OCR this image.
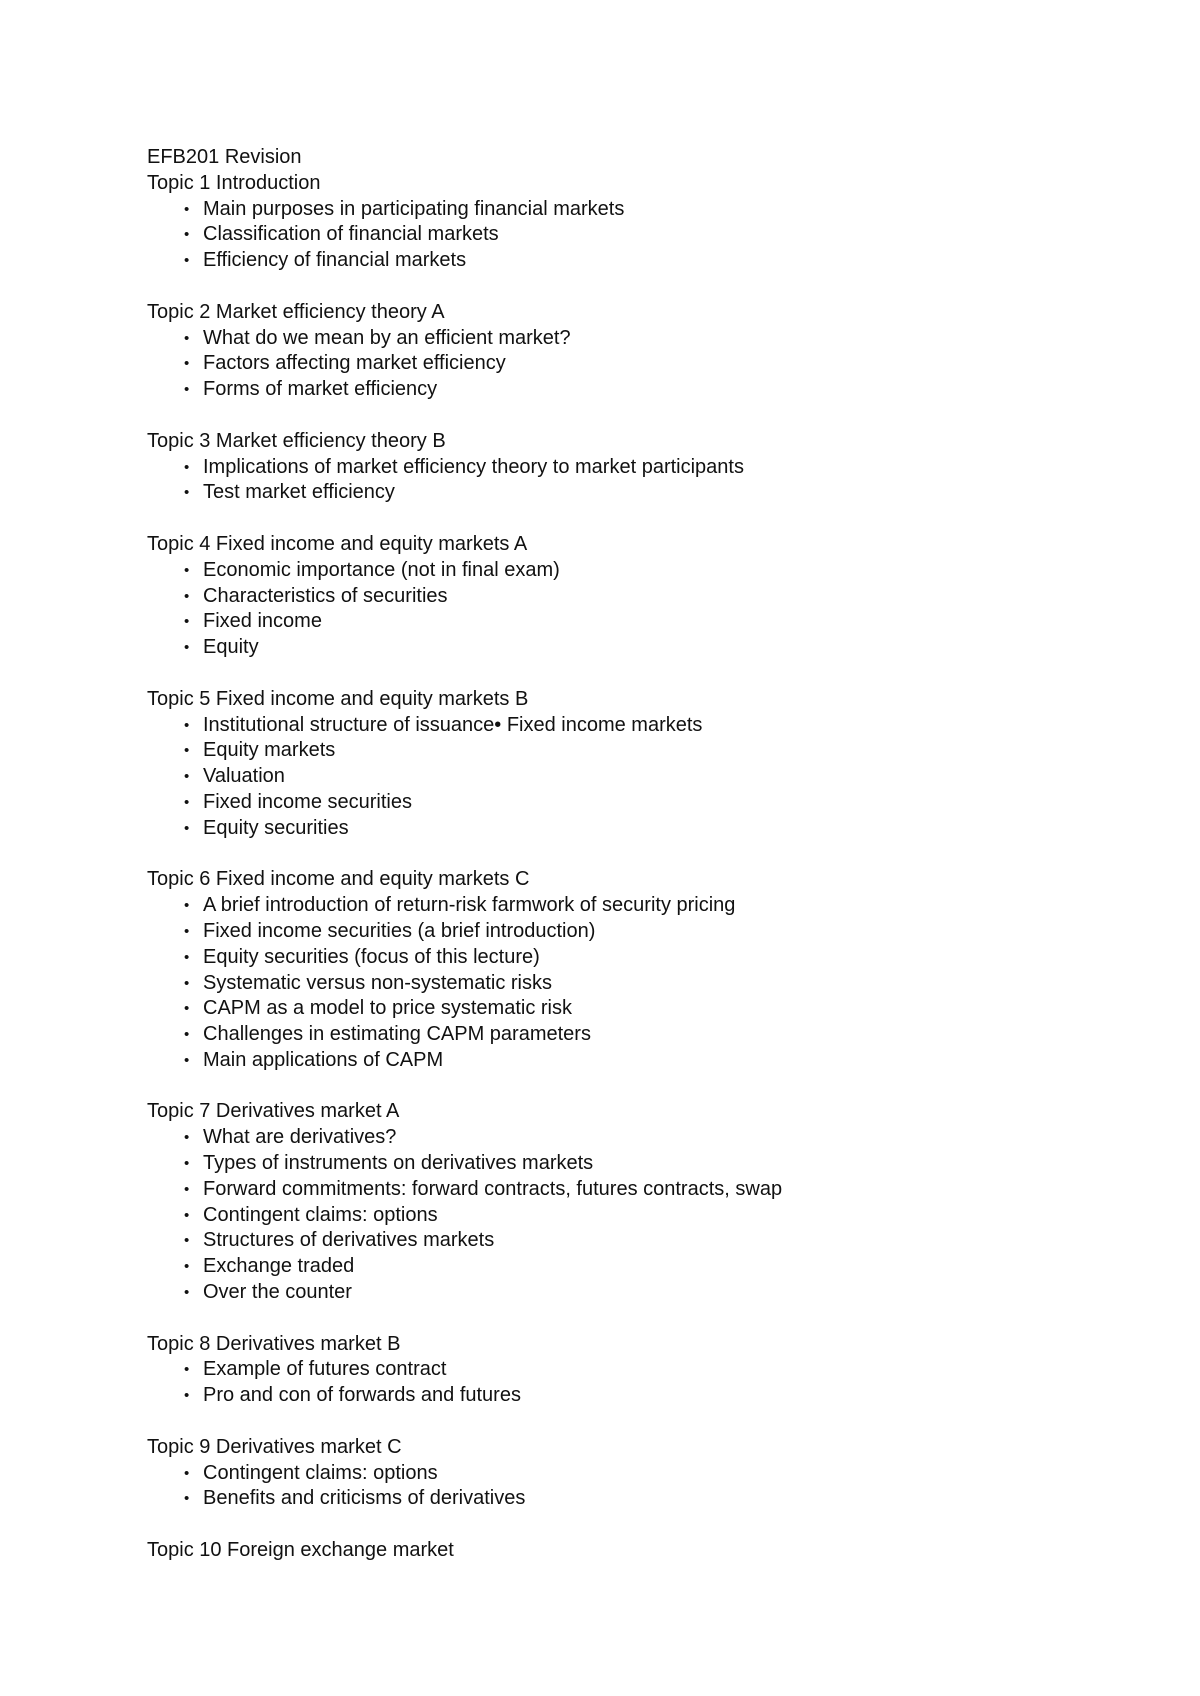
EFB201 Revision
Topic 1 Introduction
• Main purposes in participating financial markets
• Classification of financial markets
• Efficiency of financial markets
Topic 2 Market efficiency theory A
• What do we mean by an efficient market?
• Factors affecting market efficiency
• Forms of market efficiency
Topic 3 Market efficiency theory B
• Implications of market efficiency theory to market participants
• Test market efficiency
Topic 4 Fixed income and equity markets A
• Economic importance (not in final exam)
• Characteristics of securities
• Fixed income
• Equity
Topic 5 Fixed income and equity markets B
• Institutional structure of issuance• Fixed income markets
• Equity markets
• Valuation
• Fixed income securities
• Equity securities
Topic 6 Fixed income and equity markets C
• A brief introduction of return-risk farmwork of security pricing
• Fixed income securities (a brief introduction)
• Equity securities (focus of this lecture)
• Systematic versus non-systematic risks
• CAPM as a model to price systematic risk
• Challenges in estimating CAPM parameters
• Main applications of CAPM
Topic 7 Derivatives market A
• What are derivatives?
• Types of instruments on derivatives markets
• Forward commitments: forward contracts, futures contracts, swap
• Contingent claims: options
• Structures of derivatives markets
• Exchange traded
• Over the counter
Topic 8 Derivatives market B
• Example of futures contract
• Pro and con of forwards and futures
Topic 9 Derivatives market C
• Contingent claims: options
• Benefits and criticisms of derivatives
Topic 10 Foreign exchange market
